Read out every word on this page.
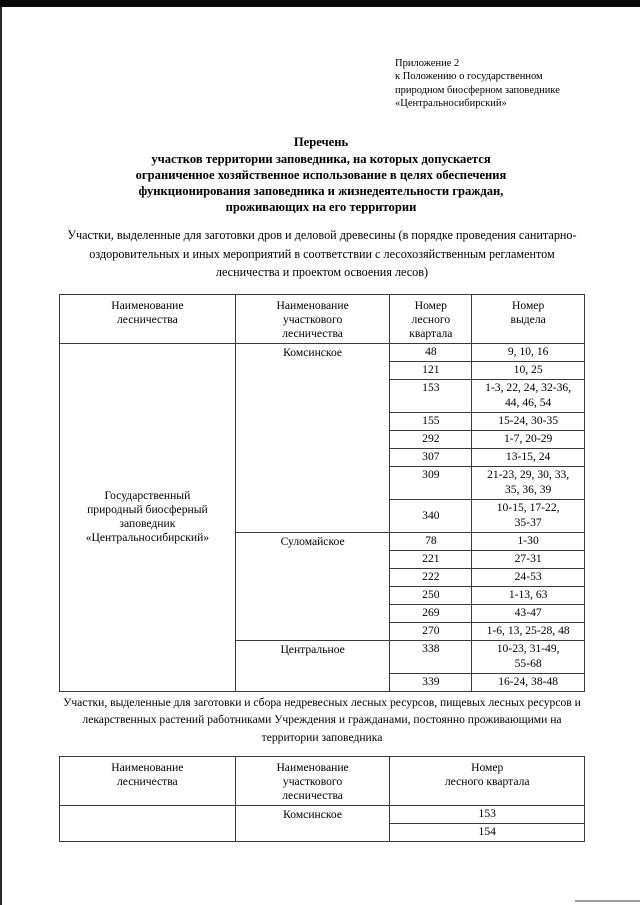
Приложение 2
к Положению о государственном
природном биосферном заповеднике
«Центральносибирский»
Перечень
участков территории заповедника, на которых допускается
ограниченное хозяйственное использование в целях обеспечения
функционирования заповедника и жизнедеятельности граждан,
проживающих на его территории
Участки, выделенные для заготовки дров и деловой древесины (в порядке проведения санитарно-оздоровительных и иных мероприятий в соответствии с лесохозяйственным регламентом лесничества и проектом освоения лесов)
Наименование
лесничества	Наименование
участкового
лесничества	Номер
лесного
квартала	Номер
выдела
Государственный
природный биосферный
заповедник
«Центральносибирский»	Комсинское	48	9, 10, 16
		121	10, 25
		153	1-3, 22, 24, 32-36,
44, 46, 54
		155	15-24, 30-35
		292	1-7, 20-29
		307	13-15, 24
		309	21-23, 29, 30, 33,
35, 36, 39
		340	10-15, 17-22,
35-37
	Суломайское	78	1-30
		221	27-31
		222	24-53
		250	1-13, 63
		269	43-47
		270	1-6, 13, 25-28, 48
	Центральное	338	10-23, 31-49,
55-68
		339	16-24, 38-48
Участки, выделенные для заготовки и сбора недревесных лесных ресурсов, пищевых лесных ресурсов и лекарственных растений работниками Учреждения и гражданами, постоянно проживающими на территории заповедника
Наименование
лесничества	Наименование
участкового
лесничества	Номер
лесного квартала
	Комсинское	153
		154
